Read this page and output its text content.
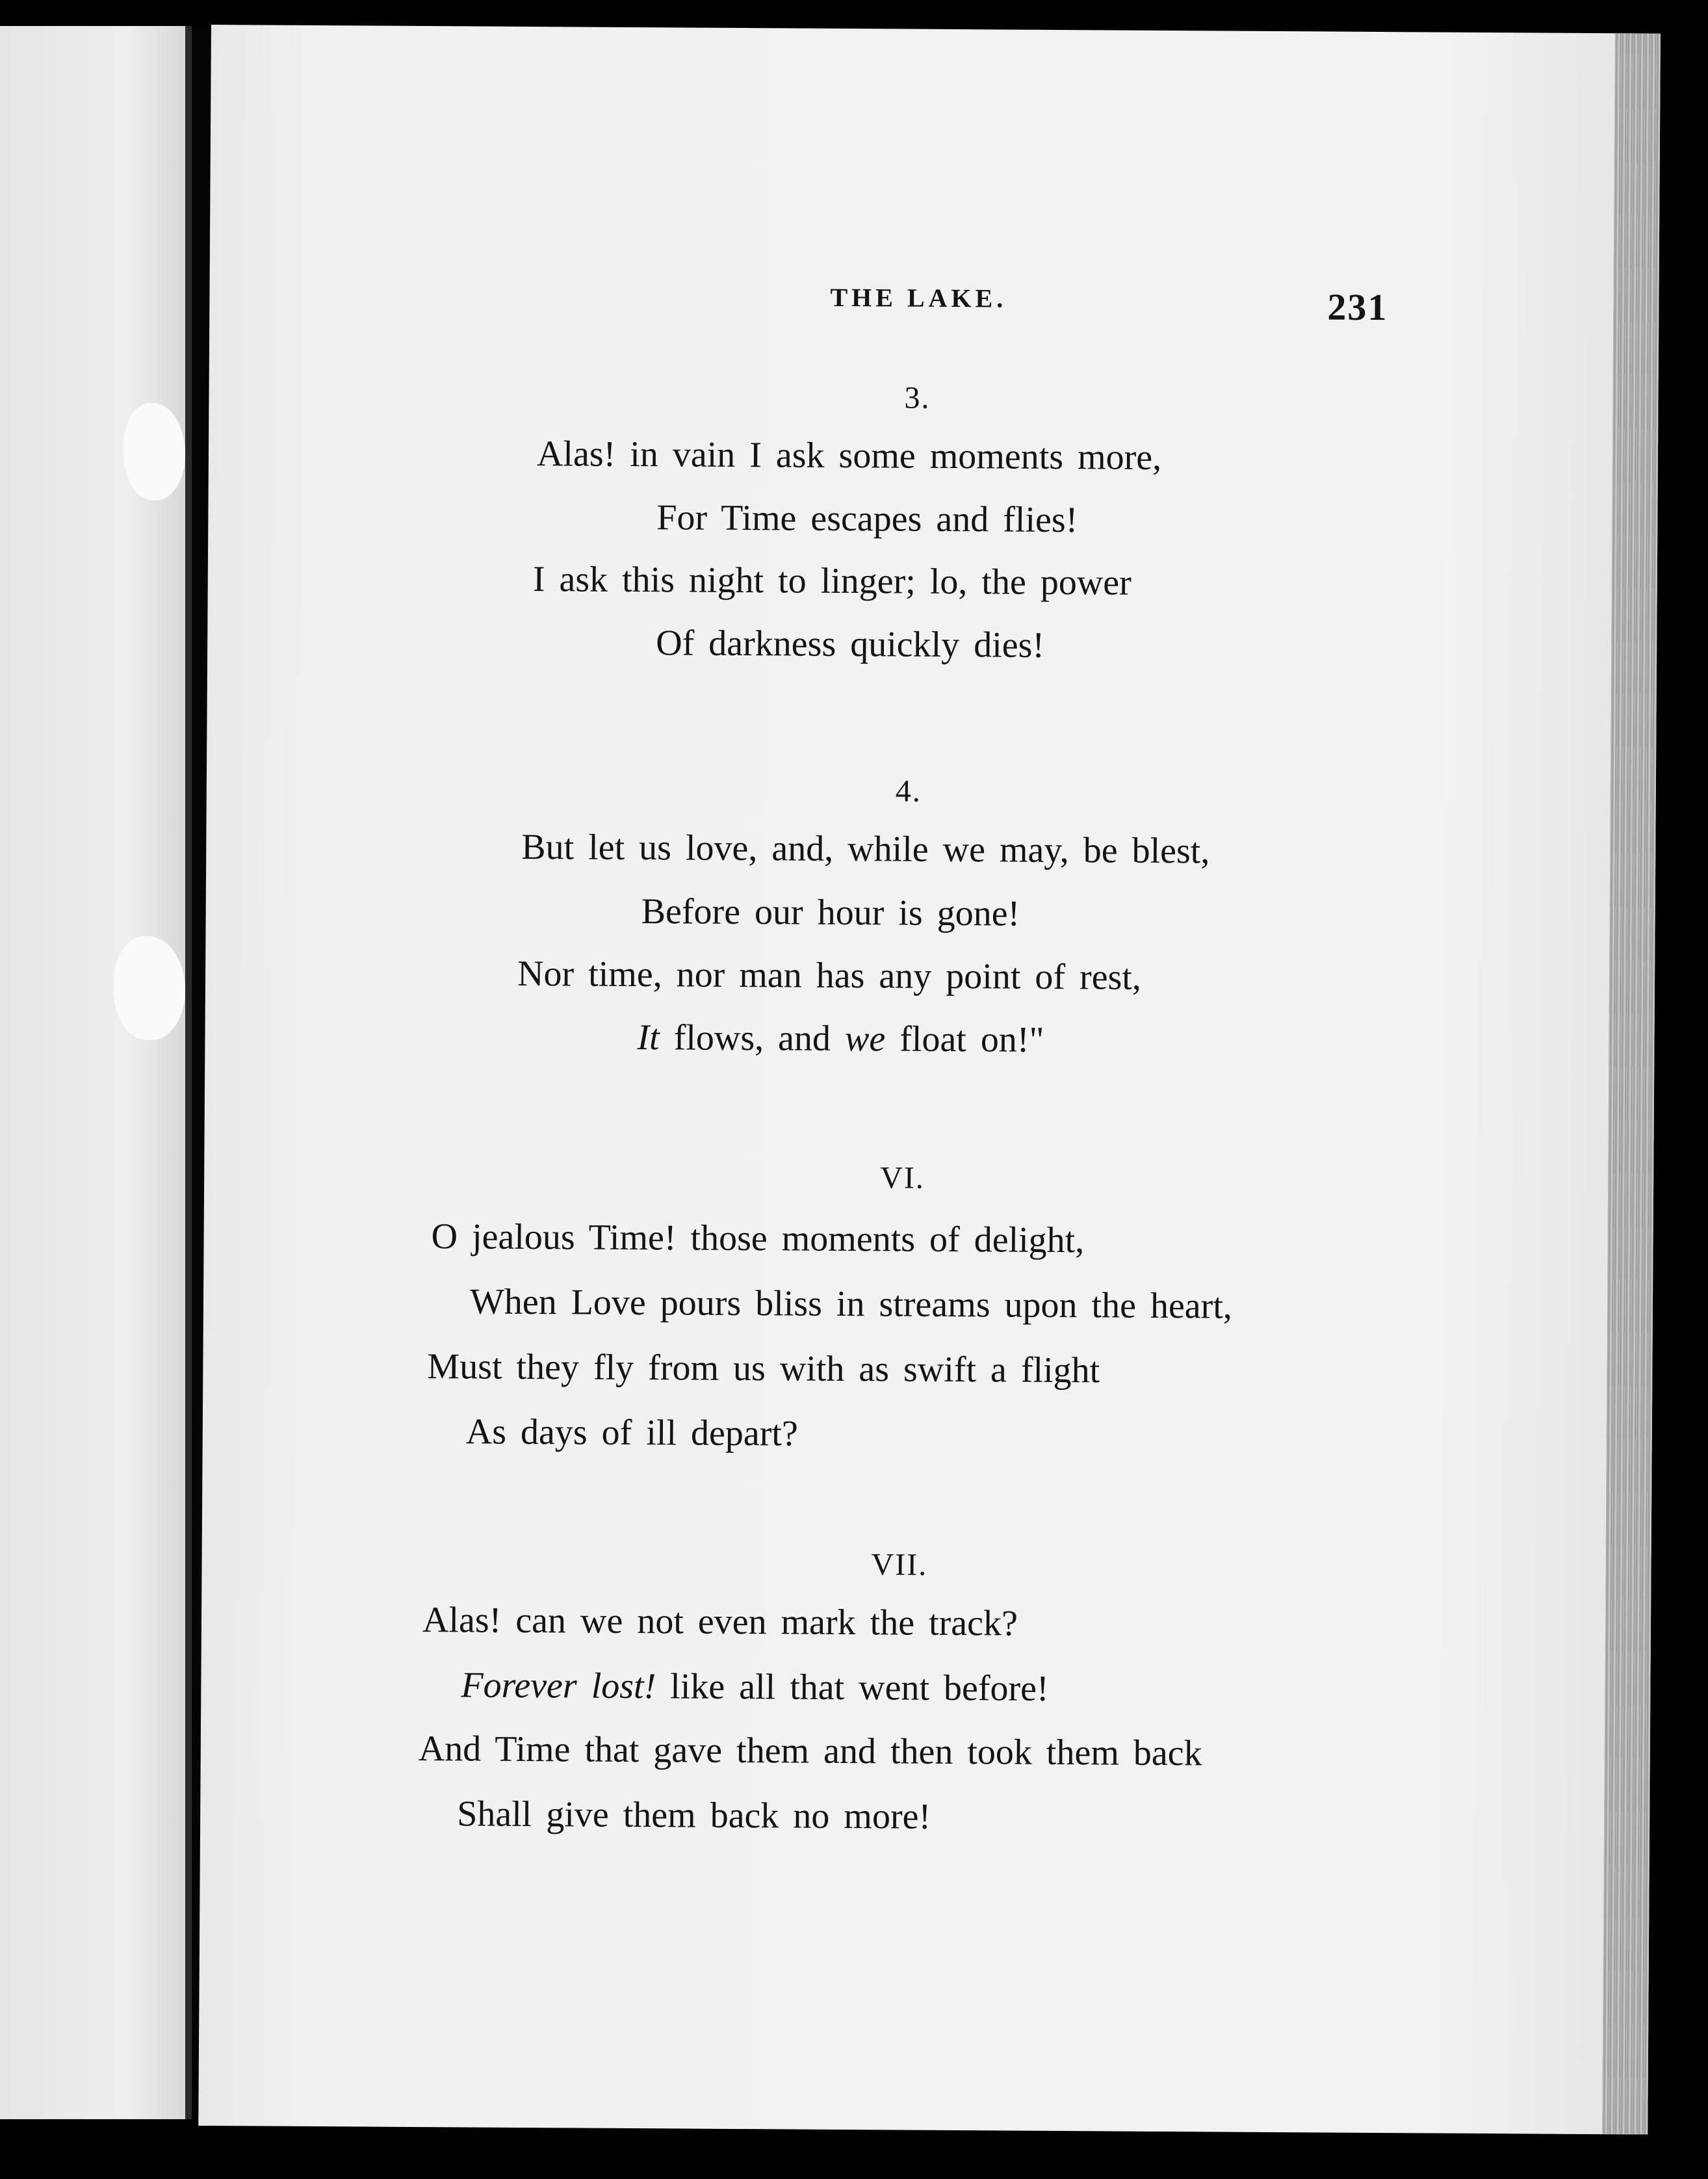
THE LAKE.	231
3.
Alas! in vain I ask some moments more,
For Time escapes and flies!
I ask this night to linger; lo, the power
Of darkness quickly dies!
4.
But let us love, and, while we may, be blest,
Before our hour is gone!
Nor time, nor man has any point of rest,
It flows, and we float on!"
VI.
O jealous Time! those moments of delight,
When Love pours bliss in streams upon the heart,
Must they fly from us with as swift a flight
As days of ill depart?
VII.
Alas! can we not even mark the track?
Forever lost! like all that went before!
And Time that gave them and then took them back
Shall give them back no more!
